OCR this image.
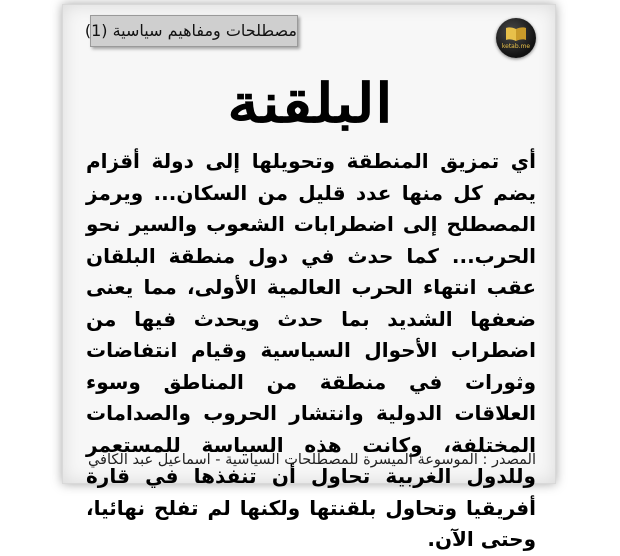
مصطلحات ومفاهيم سياسية (1)
ketab.me
البلقنة
أي تمزيق المنطقة وتحويلها إلى دولة أقزام يضم كل منها عدد قليل من السكان... ويرمز المصطلح إلى اضطرابات الشعوب والسير نحو الحرب... كما حدث في دول منطقة البلقان عقب انتهاء الحرب العالمية الأولى، مما يعنى ضعفها الشديد بما حدث ويحدث فيها من اضطراب الأحوال السياسية وقيام انتفاضات وثورات في منطقة من المناطق وسوء العلاقات الدولية وانتشار الحروب والصدامات المختلفة، وكانت هذه السياسة للمستعمر وللدول الغربية تحاول أن تنفذها في قارة أفريقيا وتحاول بلقنتها ولكنها لم تفلح نهائيا، وحتى الآن.
المصدر : الموسوعة الميسرة للمصطلحات السياسية - اسماعيل عبد الكافي
